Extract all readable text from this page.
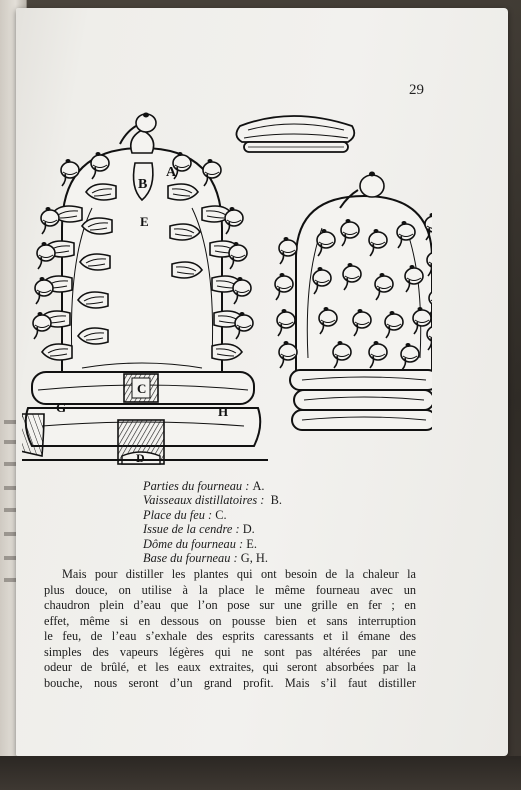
29
A
B
E
C
G	H
D
Parties du fourneau : A.
Vaisseaux distillatoires : B.
Place du feu : C.
Issue de la cendre : D.
Dôme du fourneau : E.
Base du fourneau : G, H.
Mais pour distiller les plantes qui ont besoin de la chaleur la
plus douce, on utilise à la place le même fourneau avec un
chaudron plein d’eau que l’on pose sur une grille en fer ; en
effet, même si en dessous on pousse bien et sans interruption
le feu, de l’eau s’exhale des esprits caressants et il émane des
simples des vapeurs légères qui ne sont pas altérées par une
odeur de brûlé, et les eaux extraites, qui seront absorbées par la
bouche, nous seront d’un grand profit. Mais s’il faut distiller
